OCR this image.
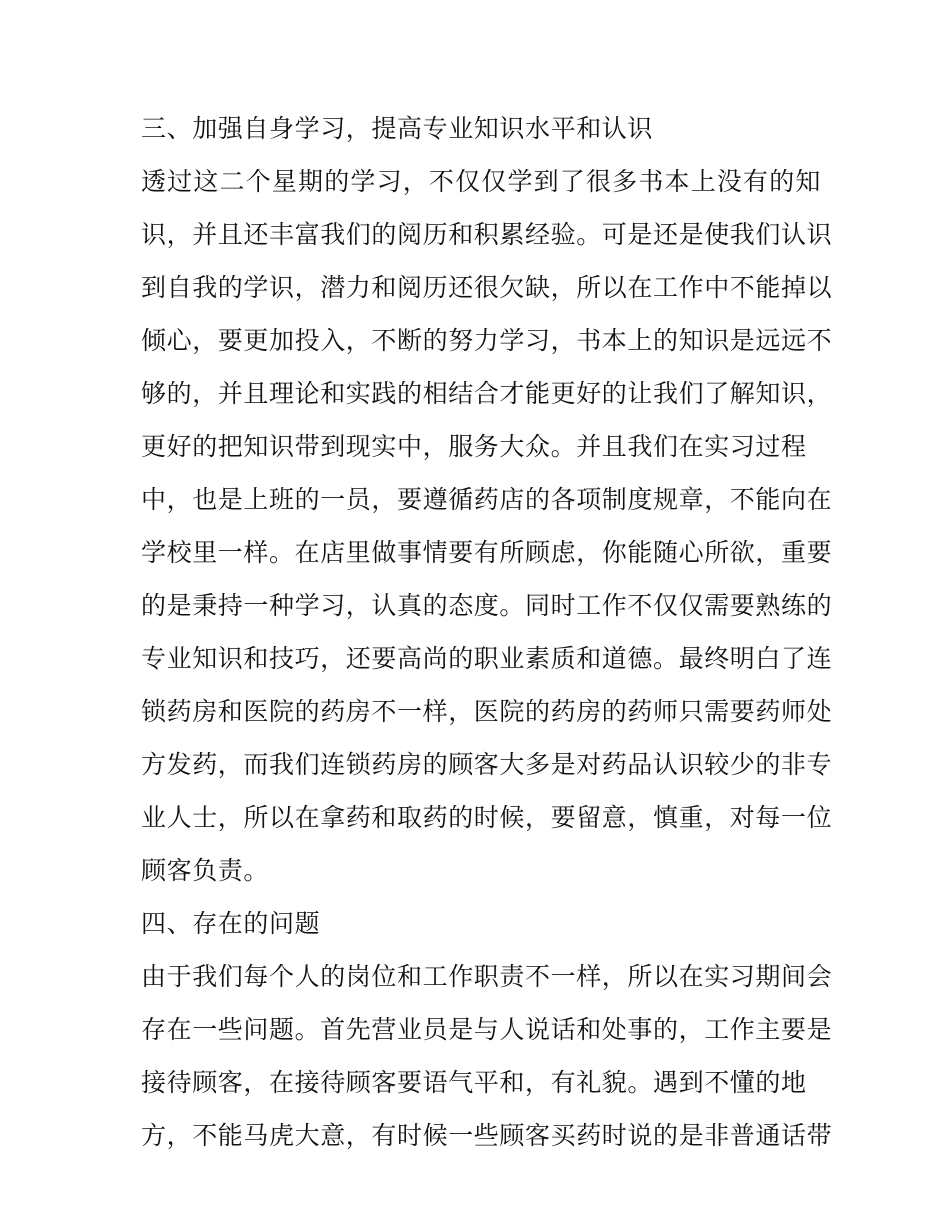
三、加强自身学习，提高专业知识水平和认识
透过这二个星期的学习，不仅仅学到了很多书本上没有的知
识，并且还丰富我们的阅历和积累经验。可是还是使我们认识
到自我的学识，潜力和阅历还很欠缺，所以在工作中不能掉以
倾心，要更加投入，不断的努力学习，书本上的知识是远远不
够的，并且理论和实践的相结合才能更好的让我们了解知识，
更好的把知识带到现实中，服务大众。并且我们在实习过程
中，也是上班的一员，要遵循药店的各项制度规章，不能向在
学校里一样。在店里做事情要有所顾虑，你能随心所欲，重要
的是秉持一种学习，认真的态度。同时工作不仅仅需要熟练的
专业知识和技巧，还要高尚的职业素质和道德。最终明白了连
锁药房和医院的药房不一样，医院的药房的药师只需要药师处
方发药，而我们连锁药房的顾客大多是对药品认识较少的非专
业人士，所以在拿药和取药的时候，要留意，慎重，对每一位
顾客负责。
四、存在的问题
由于我们每个人的岗位和工作职责不一样，所以在实习期间会
存在一些问题。首先营业员是与人说话和处事的，工作主要是
接待顾客，在接待顾客要语气平和，有礼貌。遇到不懂的地
方，不能马虎大意，有时候一些顾客买药时说的是非普通话带
